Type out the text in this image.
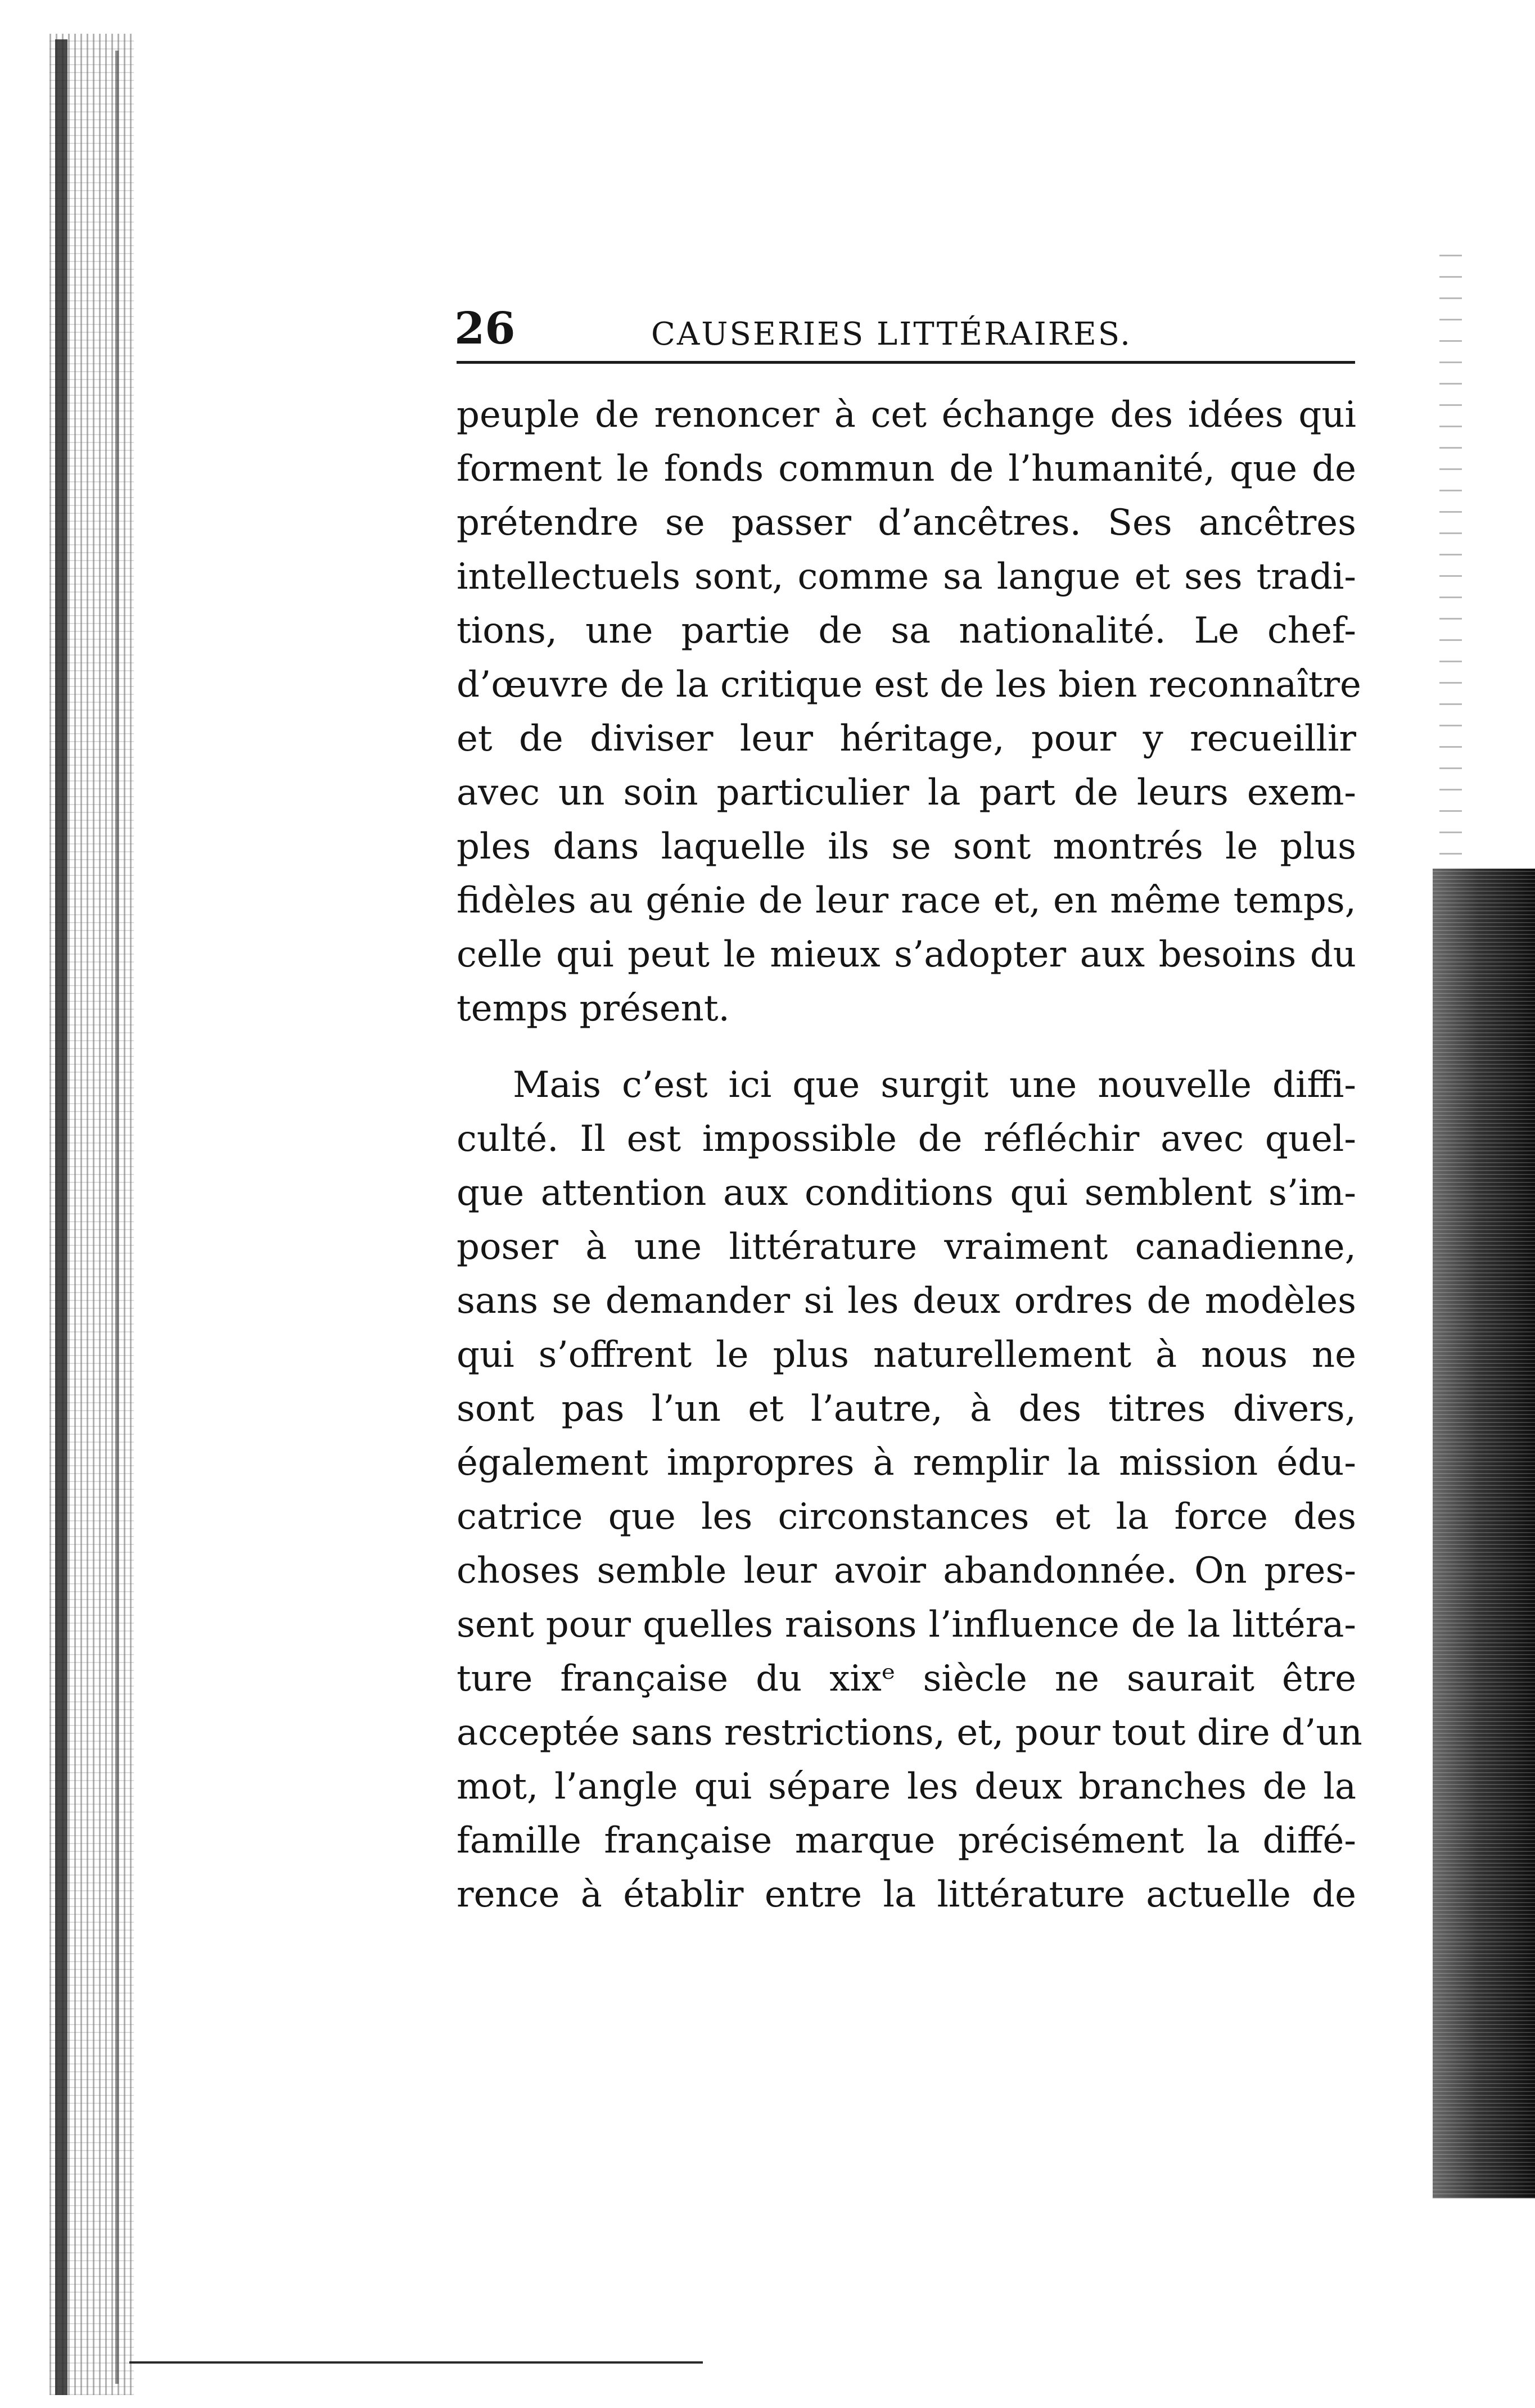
26	CAUSERIES LITTÉRAIRES.
peuple de renoncer à cet échange des idées qui
forment le fonds commun de l’humanité, que de
prétendre se passer d’ancêtres. Ses ancêtres
intellectuels sont, comme sa langue et ses tradi-
tions, une partie de sa nationalité. Le chef-
d’œuvre de la critique est de les bien reconnaître
et de diviser leur héritage, pour y recueillir
avec un soin particulier la part de leurs exem-
ples dans laquelle ils se sont montrés le plus
fidèles au génie de leur race et, en même temps,
celle qui peut le mieux s’adopter aux besoins du
temps présent.
Mais c’est ici que surgit une nouvelle diffi-
culté. Il est impossible de réfléchir avec quel-
que attention aux conditions qui semblent s’im-
poser à une littérature vraiment canadienne,
sans se demander si les deux ordres de modèles
qui s’offrent le plus naturellement à nous ne
sont pas l’un et l’autre, à des titres divers,
également impropres à remplir la mission édu-
catrice que les circonstances et la force des
choses semble leur avoir abandonnée. On pres-
sent pour quelles raisons l’influence de la littéra-
ture française du xixᵉ siècle ne saurait être
acceptée sans restrictions, et, pour tout dire d’un
mot, l’angle qui sépare les deux branches de la
famille française marque précisément la diffé-
rence à établir entre la littérature actuelle de
